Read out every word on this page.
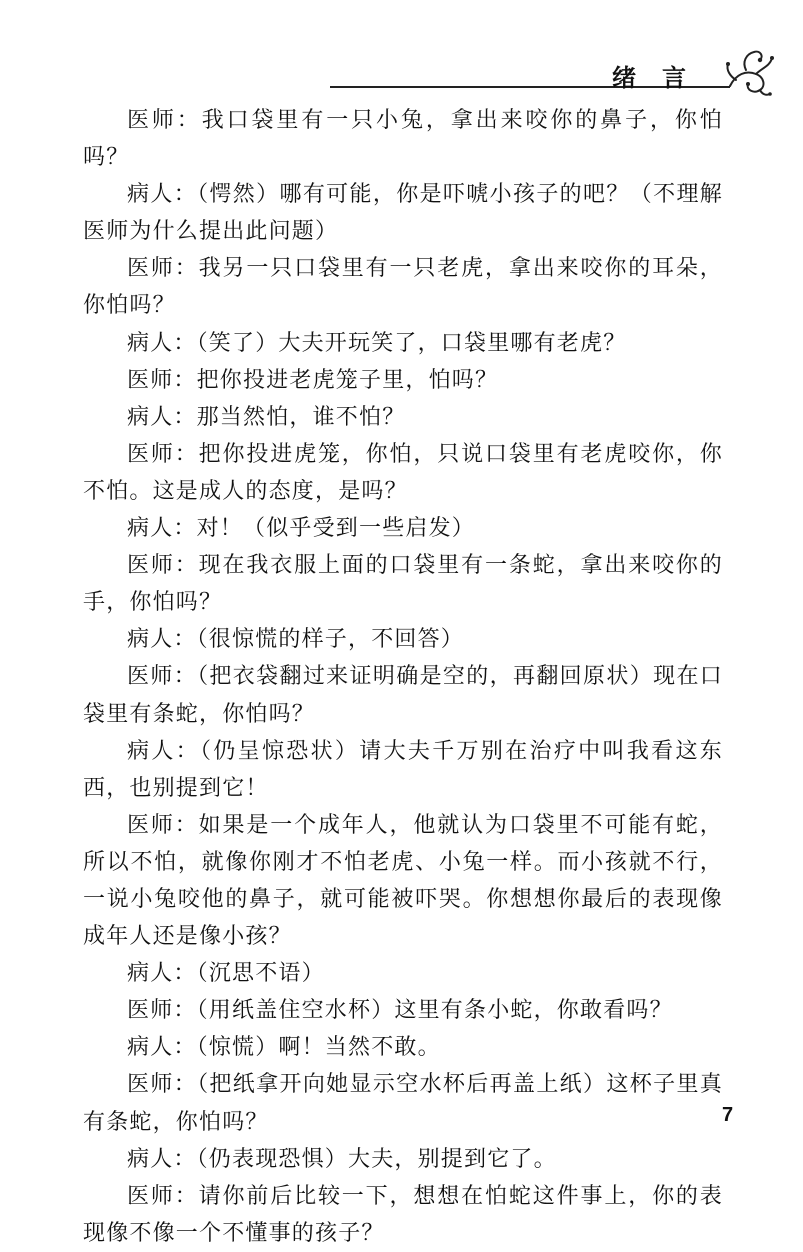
绪言

医师：我口袋里有一只小兔，拿出来咬你的鼻子，你怕吗？

病人：（愕然）哪有可能，你是吓唬小孩子的吧？（不理解医师为什么提出此问题）

医师：我另一只口袋里有一只老虎，拿出来咬你的耳朵，你怕吗？

病人：（笑了）大夫开玩笑了，口袋里哪有老虎？

医师：把你投进老虎笼子里，怕吗？

病人：那当然怕，谁不怕？

医师：把你投进虎笼，你怕，只说口袋里有老虎咬你，你不怕。这是成人的态度，是吗？

病人：对！（似乎受到一些启发）

医师：现在我衣服上面的口袋里有一条蛇，拿出来咬你的手，你怕吗？

病人：（很惊慌的样子，不回答）

医师：（把衣袋翻过来证明确是空的，再翻回原状）现在口袋里有条蛇，你怕吗？

病人：（仍呈惊恐状）请大夫千万别在治疗中叫我看这东西，也别提到它！

医师：如果是一个成年人，他就认为口袋里不可能有蛇，所以不怕，就像你刚才不怕老虎、小兔一样。而小孩就不行，一说小兔咬他的鼻子，就可能被吓哭。你想想你最后的表现像成年人还是像小孩？

病人：（沉思不语）

医师：（用纸盖住空水杯）这里有条小蛇，你敢看吗？

病人：（惊慌）啊！当然不敢。

医师：（把纸拿开向她显示空水杯后再盖上纸）这杯子里真有条蛇，你怕吗？

病人：（仍表现恐惧）大夫，别提到它了。

医师：请你前后比较一下，想想在怕蛇这件事上，你的表现像不像一个不懂事的孩子？

7
